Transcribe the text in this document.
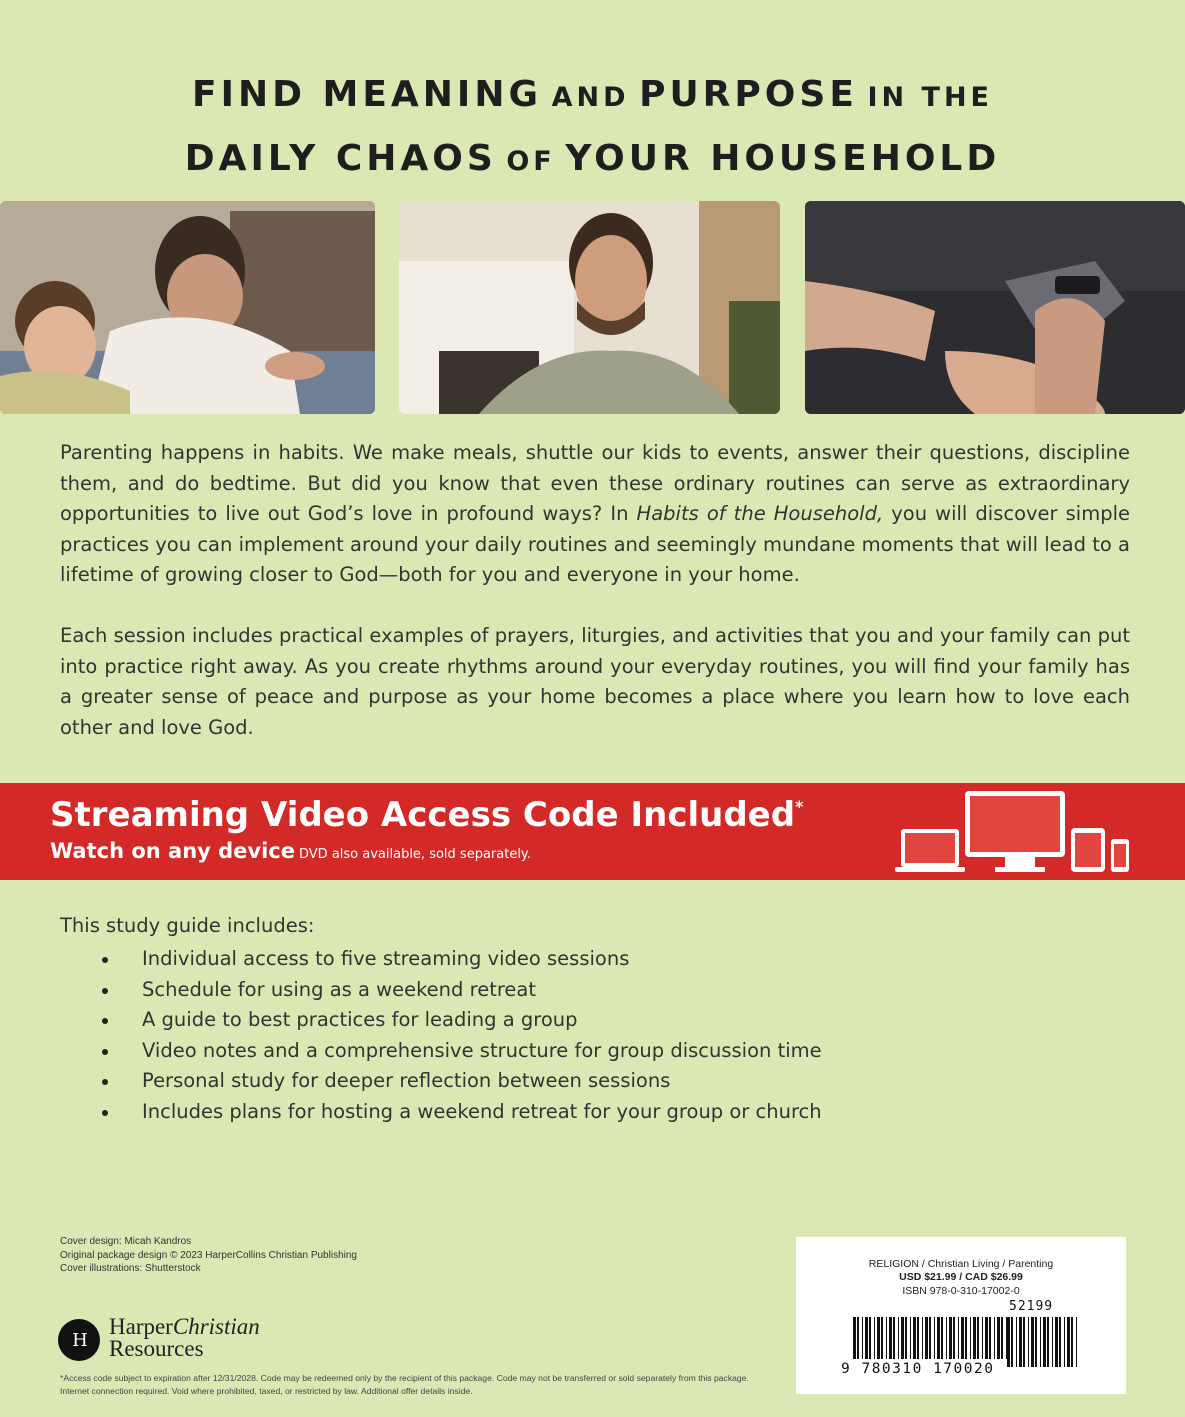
FIND MEANING AND PURPOSE IN THE
DAILY CHAOS OF YOUR HOUSEHOLD
Parenting happens in habits. We make meals, shuttle our kids to events, answer their questions, discipline them, and do bedtime. But did you know that even these ordinary routines can serve as extraordinary opportunities to live out God’s love in profound ways? In Habits of the Household, you will discover simple practices you can implement around your daily routines and seemingly mundane moments that will lead to a lifetime of growing closer to God—both for you and everyone in your home.
Each session includes practical examples of prayers, liturgies, and activities that you and your family can put into practice right away. As you create rhythms around your everyday routines, you will find your family has a greater sense of peace and purpose as your home becomes a place where you learn how to love each other and love God.
Streaming Video Access Code Included*
Watch on any device DVD also available, sold separately.
This study guide includes:
Individual access to five streaming video sessions
Schedule for using as a weekend retreat
A guide to best practices for leading a group
Video notes and a comprehensive structure for group discussion time
Personal study for deeper reflection between sessions
Includes plans for hosting a weekend retreat for your group or church
Cover design: Micah Kandros
Original package design © 2023 HarperCollins Christian Publishing
Cover illustrations: Shutterstock
H
HarperChristian
Resources
*Access code subject to expiration after 12/31/2028. Code may be redeemed only by the recipient of this package. Code may not be transferred or sold separately from this package. Internet connection required. Void where prohibited, taxed, or restricted by law. Additional offer details inside.
RELIGION / Christian Living / Parenting
USD $21.99 / CAD $26.99
ISBN 978-0-310-17002-0
52199
9 780310 170020
